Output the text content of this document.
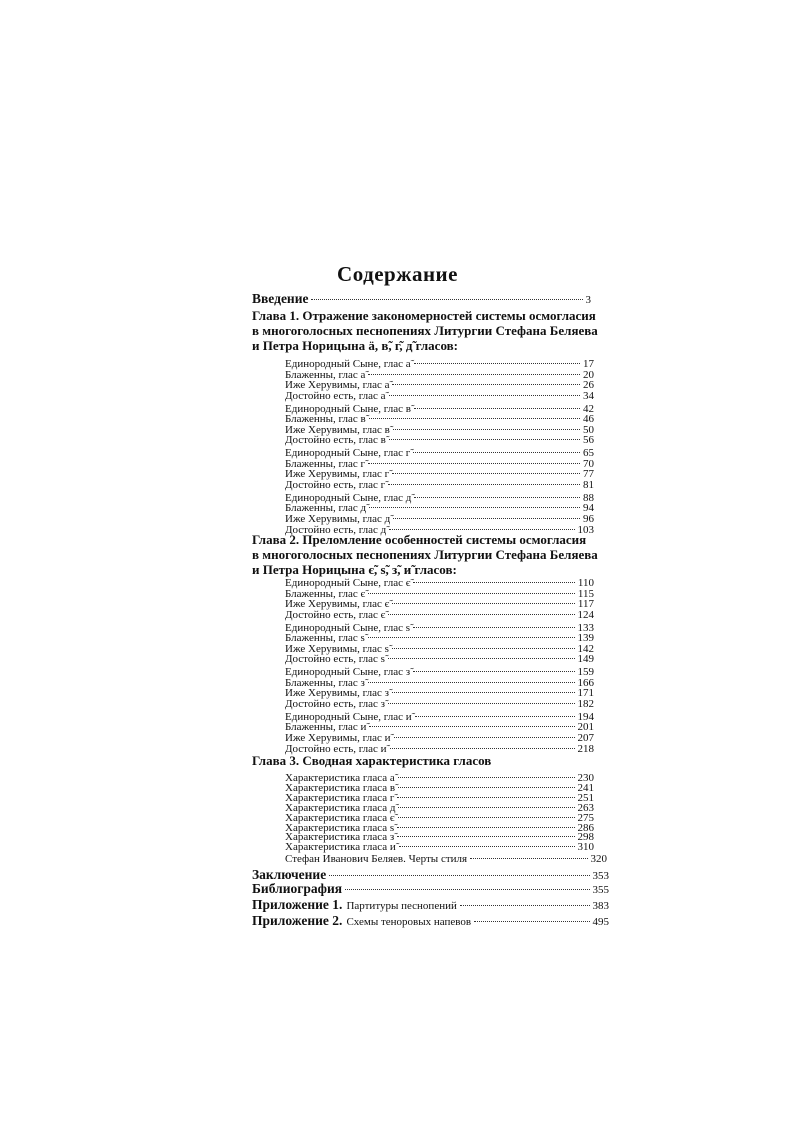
Содержание
Введение	3
Глава 1. Отражение закономерностей системы осмогласия
в многоголосных песнопениях Литургии Стефана Беляева
и Петра Норицына ӓ, в̃, г̃, д̃ гласов:
Единородный Сыне, глас а̃	17
Блаженны, глас а̃	20
Иже Херувимы, глас а̃	26
Достойно есть, глас а̃	34
Единородный Сыне, глас в̃	42
Блаженны, глас в̃	46
Иже Херувимы, глас в̃	50
Достойно есть, глас в̃	56
Единородный Сыне, глас г̃	65
Блаженны, глас г̃	70
Иже Херувимы, глас г̃	77
Достойно есть, глас г̃	81
Единородный Сыне, глас д̃	88
Блаженны, глас д̃	94
Иже Херувимы, глас д̃	96
Достойно есть, глас д̃	103
Глава 2. Преломление особенностей системы осмогласия
в многоголосных песнопениях Литургии Стефана Беляева
и Петра Норицына є̃, ѕ̃, з̃, и̃ гласов:
Единородный Сыне, глас є̃	110
Блаженны, глас є̃	115
Иже Херувимы, глас є̃	117
Достойно есть, глас є̃	124
Единородный Сыне, глас ѕ̃	133
Блаженны, глас ѕ̃	139
Иже Херувимы, глас ѕ̃	142
Достойно есть, глас ѕ̃	149
Единородный Сыне, глас з̃	159
Блаженны, глас з̃	166
Иже Херувимы, глас з̃	171
Достойно есть, глас з̃	182
Единородный Сыне, глас и̃	194
Блаженны, глас и̃	201
Иже Херувимы, глас и̃	207
Достойно есть, глас и̃	218
Глава 3. Сводная характеристика гласов
Характеристика гласа а̃	230
Характеристика гласа в̃	241
Характеристика гласа г̃	251
Характеристика гласа д̃	263
Характеристика гласа є̃	275
Характеристика гласа ѕ̃	286
Характеристика гласа з̃	298
Характеристика гласа и̃	310
Стефан Иванович Беляев. Черты стиля	320
Заключение	353
Библиография	355
Приложение 1. Партитуры песнопений	383
Приложение 2. Схемы теноровых напевов	495
